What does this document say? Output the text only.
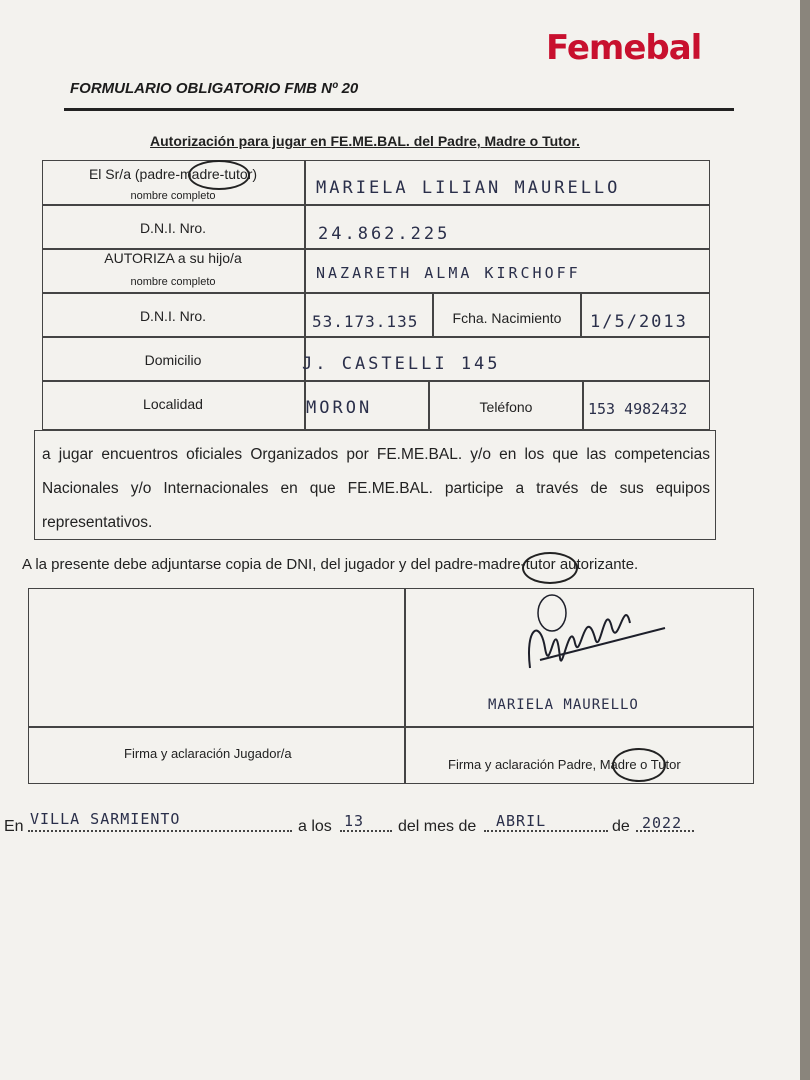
Femebal
FORMULARIO OBLIGATORIO FMB Nº 20
Autorización para jugar en FE.ME.BAL. del Padre, Madre o Tutor.
El Sr/a (padre-madre-tutor)
nombre completo	MARIELA LILIAN MAURELLO
D.N.I. Nro.	24.862.225
AUTORIZA a su hijo/a
nombre completo	NAZARETH ALMA KIRCHOFF
D.N.I. Nro.	53.173.135	Fcha. Nacimiento	1/5/2013
Domicilio	J. CASTELLI 145
Localidad	MORON	Teléfono	153 4982432
a jugar encuentros oficiales Organizados por FE.ME.BAL. y/o en los que las competencias Nacionales y/o Internacionales en que FE.ME.BAL. participe a través de sus equipos representativos.
A la presente debe adjuntarse copia de DNI, del jugador y del padre-madre-tutor autorizante.
MARIELA MAURELLO
Firma y aclaración Jugador/a
Firma y aclaración Padre, Madre o Tutor
En VILLA SARMIENTO	a los 13 del mes de ABRIL	de 2022
